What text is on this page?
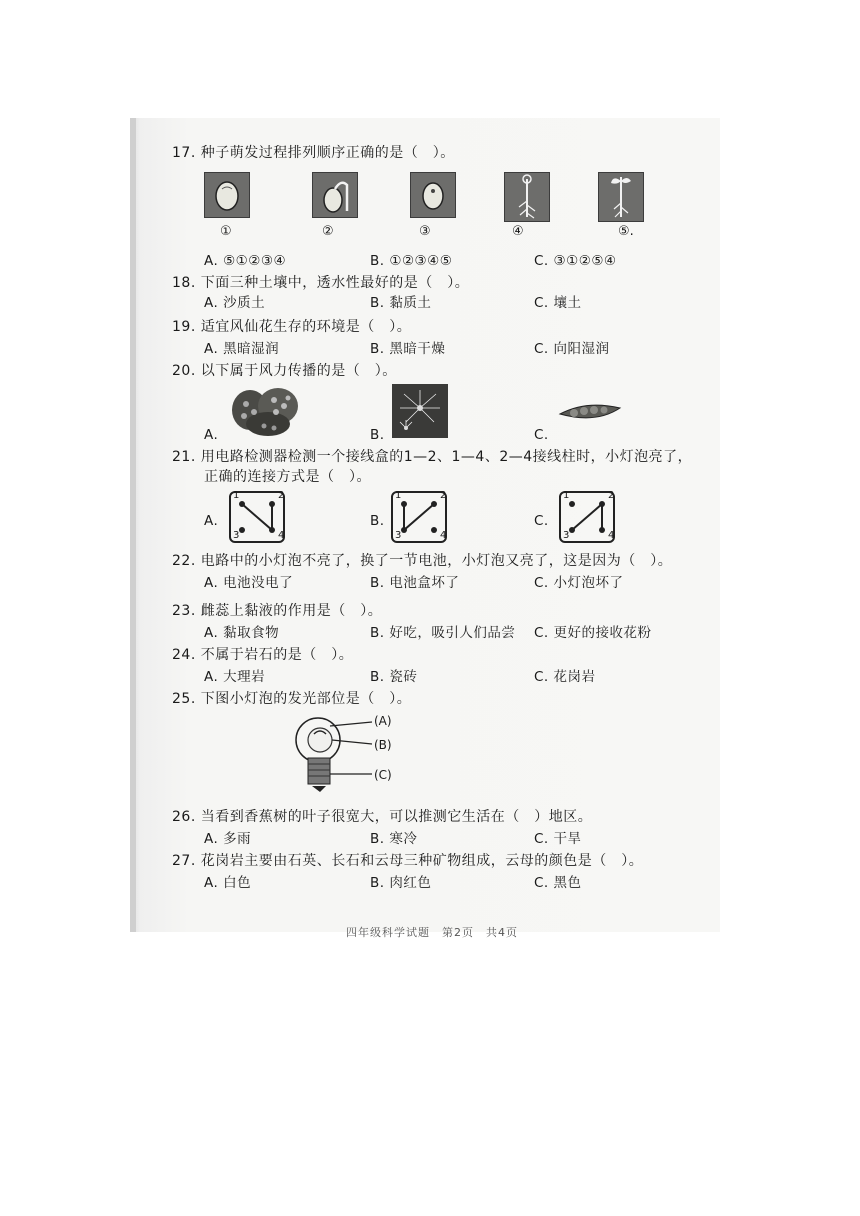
17. 种子萌发过程排列顺序正确的是（　）。
①	②	③	④	⑤.
A. ⑤①②③④	B. ①②③④⑤	C. ③①②⑤④
18. 下面三种土壤中，透水性最好的是（　）。
A. 沙质土	B. 黏质土	C. 壤土
19. 适宜风仙花生存的环境是（　）。
A. 黑暗湿润	B. 黑暗干燥	C. 向阳湿润
20. 以下属于风力传播的是（　）。
A.	B.	C.
21. 用电路检测器检测一个接线盒的1—2、1—4、2—4接线柱时，小灯泡亮了，
正确的连接方式是（　）。
A.
1	2
3	4
B.
1	2
3	4
C.
1	2
3	4
22. 电路中的小灯泡不亮了，换了一节电池，小灯泡又亮了，这是因为（　）。
A. 电池没电了	B. 电池盒坏了	C. 小灯泡坏了
23. 雌蕊上黏液的作用是（　）。
A. 黏取食物	B. 好吃，吸引人们品尝 C. 更好的接收花粉
24. 不属于岩石的是（　）。
A. 大理岩	B. 瓷砖	C. 花岗岩
25. 下图小灯泡的发光部位是（　）。
(A)
(B)
(C)
26. 当看到香蕉树的叶子很宽大，可以推测它生活在（　）地区。
A. 多雨	B. 寒冷	C. 干旱
27. 花岗岩主要由石英、长石和云母三种矿物组成，云母的颜色是（　）。
A. 白色	B. 肉红色	C. 黑色
四年级科学试题　第2页　共4页
